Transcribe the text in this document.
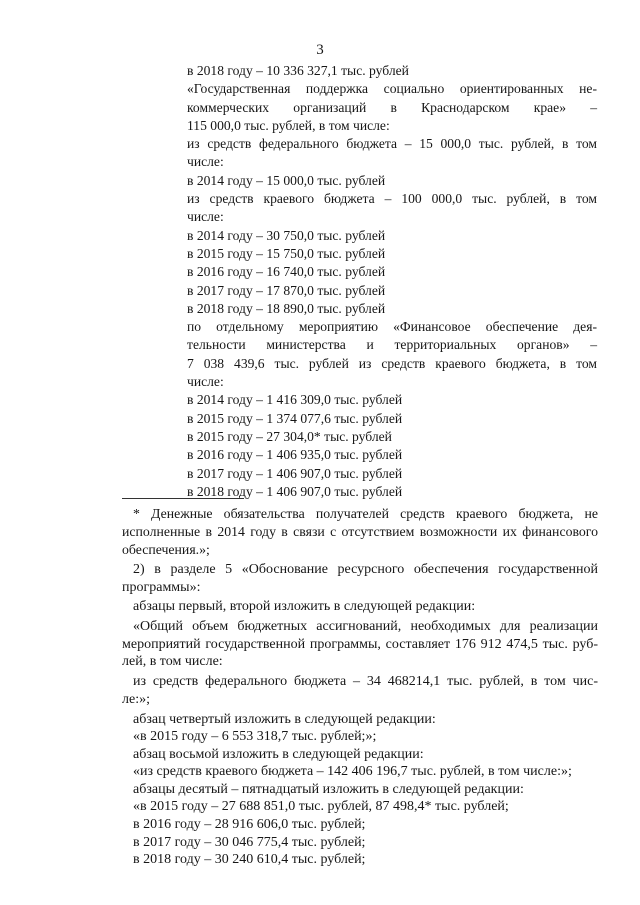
3
в 2018 году – 10 336 327,1 тыс. рублей
«Государственная поддержка социально ориентированных не-
коммерческих организаций в Краснодарском крае» –
115 000,0 тыс. рублей, в том числе:
из средств федерального бюджета – 15 000,0 тыс. рублей, в том
числе:
в 2014 году – 15 000,0 тыс. рублей
из средств краевого бюджета – 100 000,0 тыс. рублей, в том
числе:
в 2014 году – 30 750,0 тыс. рублей
в 2015 году – 15 750,0 тыс. рублей
в 2016 году – 16 740,0 тыс. рублей
в 2017 году – 17 870,0 тыс. рублей
в 2018 году – 18 890,0 тыс. рублей
по отдельному мероприятию «Финансовое обеспечение дея-
тельности министерства и территориальных органов» –
7 038 439,6 тыс. рублей из средств краевого бюджета, в том
числе:
в 2014 году – 1 416 309,0 тыс. рублей
в 2015 году – 1 374 077,6 тыс. рублей
в 2015 году – 27 304,0* тыс. рублей
в 2016 году – 1 406 935,0 тыс. рублей
в 2017 году – 1 406 907,0 тыс. рублей
в 2018 году – 1 406 907,0 тыс. рублей
* Денежные обязательства получателей средств краевого бюджета, не
исполненные в 2014 году в связи с отсутствием возможности их финансового
обеспечения.»;
2) в разделе 5 «Обоснование ресурсного обеспечения государственной
программы»:
абзацы первый, второй изложить в следующей редакции:
«Общий объем бюджетных ассигнований, необходимых для реализации
мероприятий государственной программы, составляет 176 912 474,5 тыс. руб-
лей, в том числе:
из средств федерального бюджета – 34 468214,1 тыс. рублей, в том чис-
ле:»;
абзац четвертый изложить в следующей редакции:
«в 2015 году – 6 553 318,7 тыс. рублей;»;
абзац восьмой изложить в следующей редакции:
«из средств краевого бюджета – 142 406 196,7 тыс. рублей, в том числе:»;
абзацы десятый – пятнадцатый изложить в следующей редакции:
«в 2015 году – 27 688 851,0 тыс. рублей, 87 498,4* тыс. рублей;
в 2016 году – 28 916 606,0 тыс. рублей;
в 2017 году – 30 046 775,4 тыс. рублей;
в 2018 году – 30 240 610,4 тыс. рублей;
